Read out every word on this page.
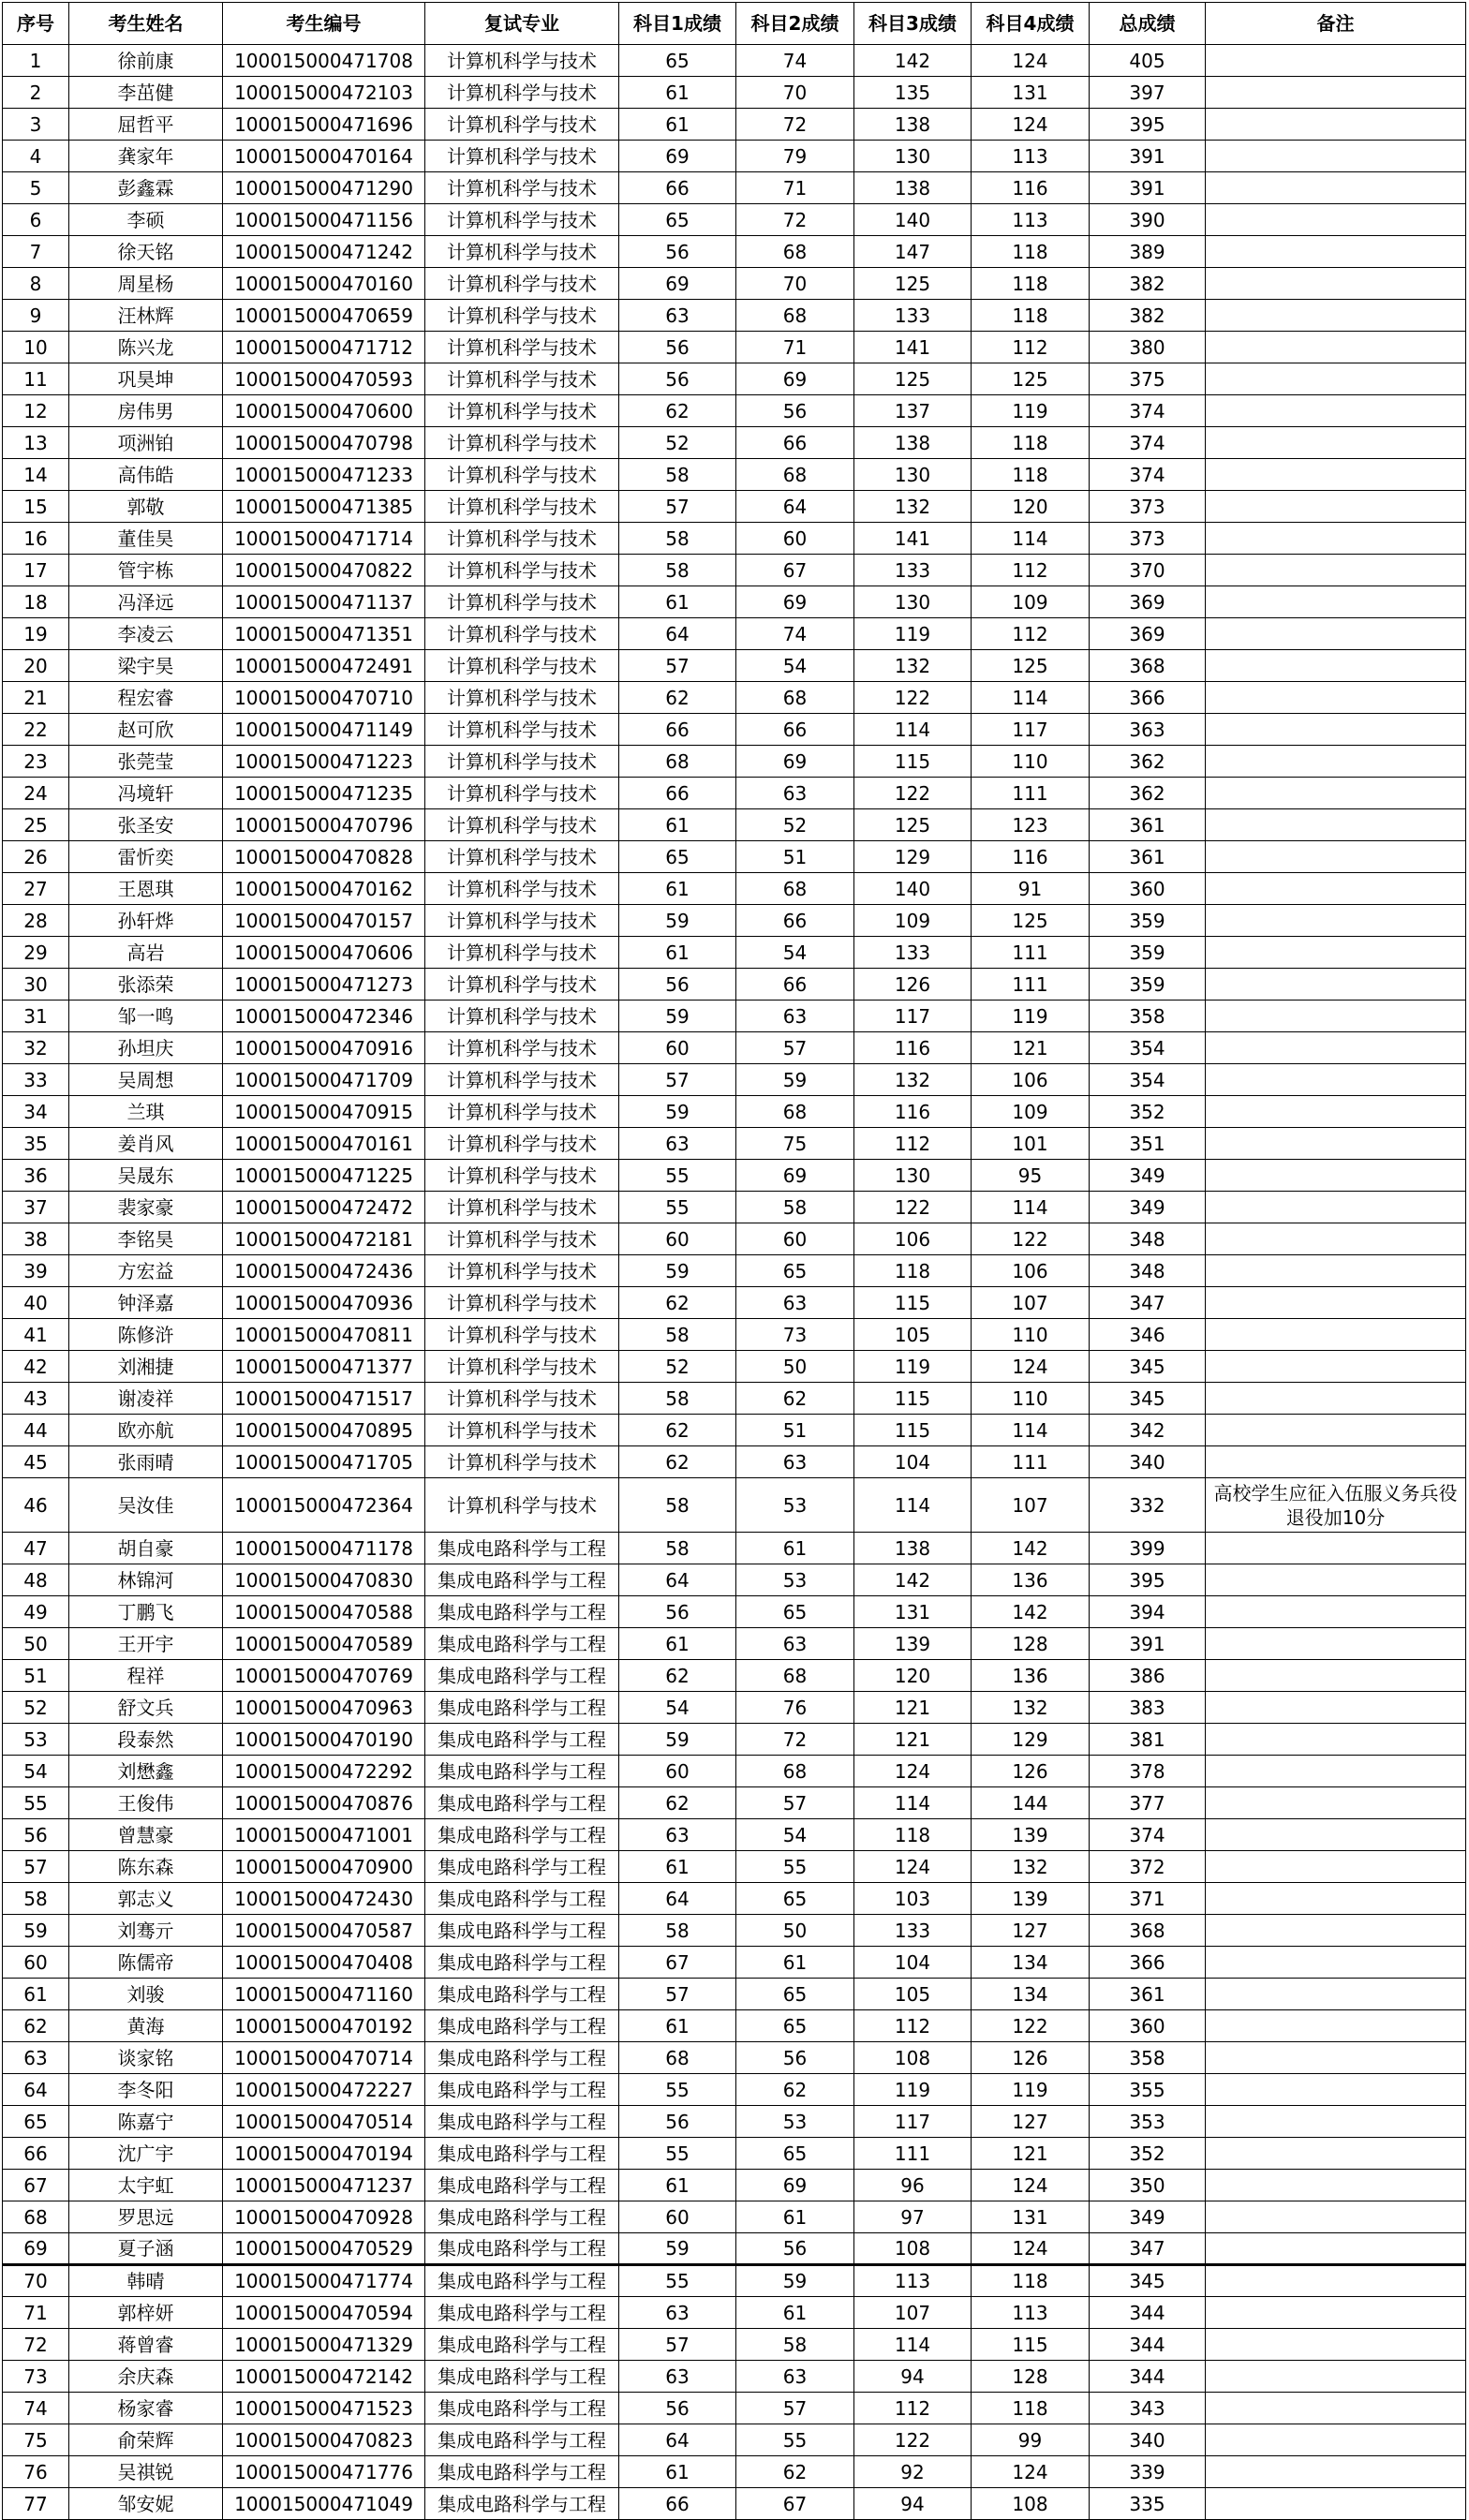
序号	考生姓名	考生编号	复试专业	科目1成绩	科目2成绩	科目3成绩	科目4成绩	总成绩	备注
1	徐前康	100015000471708	计算机科学与技术	65	74	142	124	405	
2	李茁健	100015000472103	计算机科学与技术	61	70	135	131	397	
3	屈哲平	100015000471696	计算机科学与技术	61	72	138	124	395	
4	龚家年	100015000470164	计算机科学与技术	69	79	130	113	391	
5	彭鑫霖	100015000471290	计算机科学与技术	66	71	138	116	391	
6	李硕	100015000471156	计算机科学与技术	65	72	140	113	390	
7	徐天铭	100015000471242	计算机科学与技术	56	68	147	118	389	
8	周星杨	100015000470160	计算机科学与技术	69	70	125	118	382	
9	汪林辉	100015000470659	计算机科学与技术	63	68	133	118	382	
10	陈兴龙	100015000471712	计算机科学与技术	56	71	141	112	380	
11	巩昊坤	100015000470593	计算机科学与技术	56	69	125	125	375	
12	房伟男	100015000470600	计算机科学与技术	62	56	137	119	374	
13	项洲铂	100015000470798	计算机科学与技术	52	66	138	118	374	
14	高伟皓	100015000471233	计算机科学与技术	58	68	130	118	374	
15	郭敬	100015000471385	计算机科学与技术	57	64	132	120	373	
16	董佳昊	100015000471714	计算机科学与技术	58	60	141	114	373	
17	管宇栋	100015000470822	计算机科学与技术	58	67	133	112	370	
18	冯泽远	100015000471137	计算机科学与技术	61	69	130	109	369	
19	李凌云	100015000471351	计算机科学与技术	64	74	119	112	369	
20	梁宇昊	100015000472491	计算机科学与技术	57	54	132	125	368	
21	程宏睿	100015000470710	计算机科学与技术	62	68	122	114	366	
22	赵可欣	100015000471149	计算机科学与技术	66	66	114	117	363	
23	张莞莹	100015000471223	计算机科学与技术	68	69	115	110	362	
24	冯境轩	100015000471235	计算机科学与技术	66	63	122	111	362	
25	张圣安	100015000470796	计算机科学与技术	61	52	125	123	361	
26	雷忻奕	100015000470828	计算机科学与技术	65	51	129	116	361	
27	王恩琪	100015000470162	计算机科学与技术	61	68	140	91	360	
28	孙轩烨	100015000470157	计算机科学与技术	59	66	109	125	359	
29	高岩	100015000470606	计算机科学与技术	61	54	133	111	359	
30	张添荣	100015000471273	计算机科学与技术	56	66	126	111	359	
31	邹一鸣	100015000472346	计算机科学与技术	59	63	117	119	358	
32	孙坦庆	100015000470916	计算机科学与技术	60	57	116	121	354	
33	吴周想	100015000471709	计算机科学与技术	57	59	132	106	354	
34	兰琪	100015000470915	计算机科学与技术	59	68	116	109	352	
35	姜肖风	100015000470161	计算机科学与技术	63	75	112	101	351	
36	吴晟东	100015000471225	计算机科学与技术	55	69	130	95	349	
37	裴家豪	100015000472472	计算机科学与技术	55	58	122	114	349	
38	李铭昊	100015000472181	计算机科学与技术	60	60	106	122	348	
39	方宏益	100015000472436	计算机科学与技术	59	65	118	106	348	
40	钟泽嘉	100015000470936	计算机科学与技术	62	63	115	107	347	
41	陈修浒	100015000470811	计算机科学与技术	58	73	105	110	346	
42	刘湘捷	100015000471377	计算机科学与技术	52	50	119	124	345	
43	谢凌祥	100015000471517	计算机科学与技术	58	62	115	110	345	
44	欧亦航	100015000470895	计算机科学与技术	62	51	115	114	342	
45	张雨晴	100015000471705	计算机科学与技术	62	63	104	111	340	
46	吴汝佳	100015000472364	计算机科学与技术	58	53	114	107	332	高校学生应征入伍服义务兵役退役加10分
47	胡自豪	100015000471178	集成电路科学与工程	58	61	138	142	399	
48	林锦河	100015000470830	集成电路科学与工程	64	53	142	136	395	
49	丁鹏飞	100015000470588	集成电路科学与工程	56	65	131	142	394	
50	王开宇	100015000470589	集成电路科学与工程	61	63	139	128	391	
51	程祥	100015000470769	集成电路科学与工程	62	68	120	136	386	
52	舒文兵	100015000470963	集成电路科学与工程	54	76	121	132	383	
53	段泰然	100015000470190	集成电路科学与工程	59	72	121	129	381	
54	刘懋鑫	100015000472292	集成电路科学与工程	60	68	124	126	378	
55	王俊伟	100015000470876	集成电路科学与工程	62	57	114	144	377	
56	曾慧豪	100015000471001	集成电路科学与工程	63	54	118	139	374	
57	陈东森	100015000470900	集成电路科学与工程	61	55	124	132	372	
58	郭志义	100015000472430	集成电路科学与工程	64	65	103	139	371	
59	刘骞亓	100015000470587	集成电路科学与工程	58	50	133	127	368	
60	陈儒帝	100015000470408	集成电路科学与工程	67	61	104	134	366	
61	刘骏	100015000471160	集成电路科学与工程	57	65	105	134	361	
62	黄海	100015000470192	集成电路科学与工程	61	65	112	122	360	
63	谈家铭	100015000470714	集成电路科学与工程	68	56	108	126	358	
64	李冬阳	100015000472227	集成电路科学与工程	55	62	119	119	355	
65	陈嘉宁	100015000470514	集成电路科学与工程	56	53	117	127	353	
66	沈广宇	100015000470194	集成电路科学与工程	55	65	111	121	352	
67	太宇虹	100015000471237	集成电路科学与工程	61	69	96	124	350	
68	罗思远	100015000470928	集成电路科学与工程	60	61	97	131	349	
69	夏子涵	100015000470529	集成电路科学与工程	59	56	108	124	347	
70	韩晴	100015000471774	集成电路科学与工程	55	59	113	118	345	
71	郭梓妍	100015000470594	集成电路科学与工程	63	61	107	113	344	
72	蒋曾睿	100015000471329	集成电路科学与工程	57	58	114	115	344	
73	余庆森	100015000472142	集成电路科学与工程	63	63	94	128	344	
74	杨家睿	100015000471523	集成电路科学与工程	56	57	112	118	343	
75	俞荣辉	100015000470823	集成电路科学与工程	64	55	122	99	340	
76	吴祺锐	100015000471776	集成电路科学与工程	61	62	92	124	339	
77	邹安妮	100015000471049	集成电路科学与工程	66	67	94	108	335	
